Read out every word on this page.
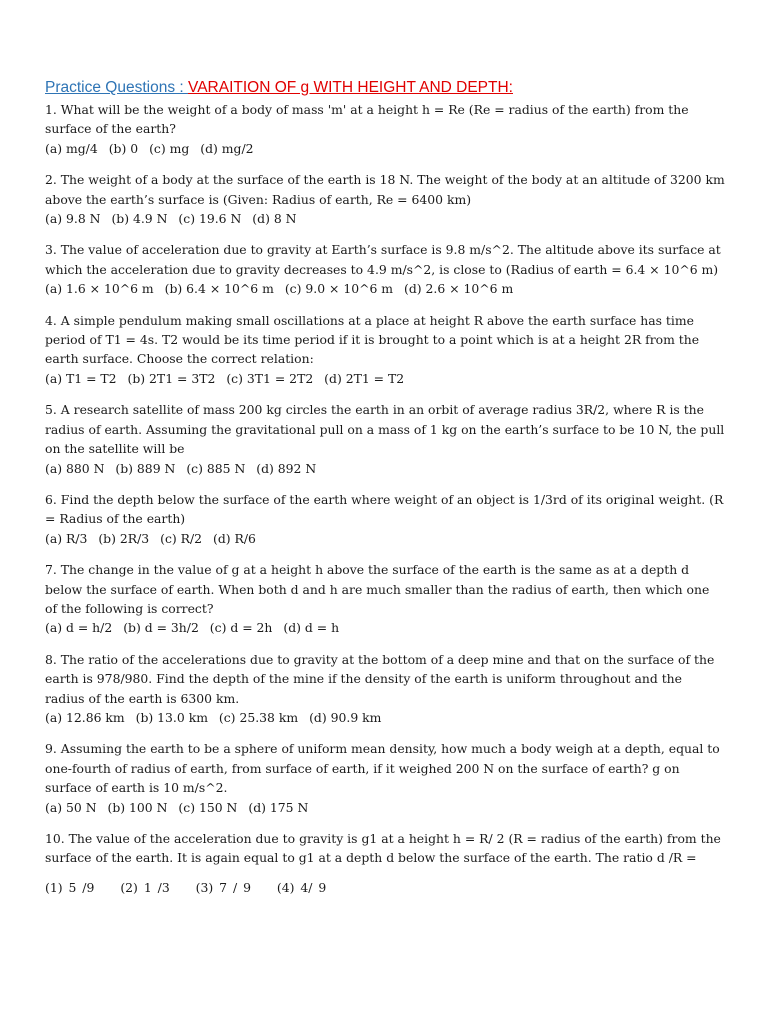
Practice Questions : VARAITION OF g WITH HEIGHT AND DEPTH:
1. What will be the weight of a body of mass 'm' at a height h = Re (Re = radius of the earth) from the surface of the earth?
(a) mg/4 (b) 0 (c) mg (d) mg/2
2. The weight of a body at the surface of the earth is 18 N. The weight of the body at an altitude of 3200 km above the earth’s surface is (Given: Radius of earth, Re = 6400 km)
(a) 9.8 N (b) 4.9 N (c) 19.6 N (d) 8 N
3. The value of acceleration due to gravity at Earth’s surface is 9.8 m/s^2. The altitude above its surface at which the acceleration due to gravity decreases to 4.9 m/s^2, is close to (Radius of earth = 6.4 × 10^6 m)
(a) 1.6 × 10^6 m (b) 6.4 × 10^6 m (c) 9.0 × 10^6 m (d) 2.6 × 10^6 m
4. A simple pendulum making small oscillations at a place at height R above the earth surface has time period of T1 = 4s. T2 would be its time period if it is brought to a point which is at a height 2R from the earth surface. Choose the correct relation:
(a) T1 = T2 (b) 2T1 = 3T2 (c) 3T1 = 2T2 (d) 2T1 = T2
5. A research satellite of mass 200 kg circles the earth in an orbit of average radius 3R/2, where R is the radius of earth. Assuming the gravitational pull on a mass of 1 kg on the earth’s surface to be 10 N, the pull on the satellite will be
(a) 880 N (b) 889 N (c) 885 N (d) 892 N
6. Find the depth below the surface of the earth where weight of an object is 1/3rd of its original weight. (R = Radius of the earth)
(a) R/3 (b) 2R/3 (c) R/2 (d) R/6
7. The change in the value of g at a height h above the surface of the earth is the same as at a depth d below the surface of earth. When both d and h are much smaller than the radius of earth, then which one of the following is correct?
(a) d = h/2 (b) d = 3h/2 (c) d = 2h (d) d = h
8. The ratio of the accelerations due to gravity at the bottom of a deep mine and that on the surface of the earth is 978/980. Find the depth of the mine if the density of the earth is uniform throughout and the radius of the earth is 6300 km.
(a) 12.86 km (b) 13.0 km (c) 25.38 km (d) 90.9 km
9. Assuming the earth to be a sphere of uniform mean density, how much a body weigh at a depth, equal to one-fourth of radius of earth, from surface of earth, if it weighed 200 N on the surface of earth? g on surface of earth is 10 m/s^2.
(a) 50 N (b) 100 N (c) 150 N (d) 175 N
10. The value of the acceleration due to gravity is g1 at a height h = R/ 2 (R = radius of the earth) from the surface of the earth. It is again equal to g1 at a depth d below the surface of the earth. The ratio d /R =
(1) 5 /9 (2) 1 /3 (3) 7 / 9 (4) 4/ 9
